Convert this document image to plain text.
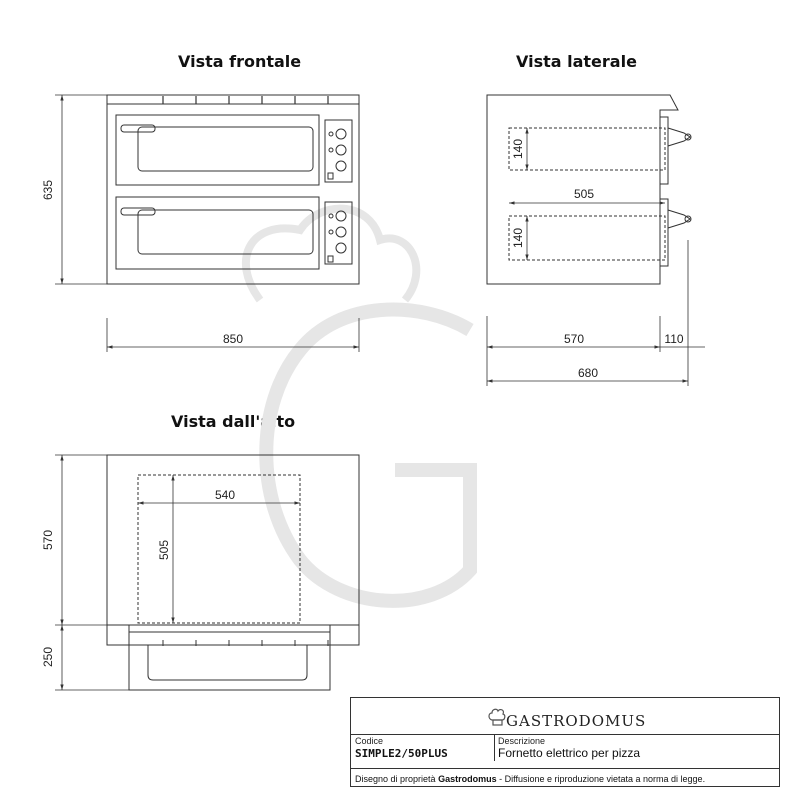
Vista frontale	Vista laterale
Vista dall'alto
635
850
140
140
505
570	110
680
570
250
540
505
GASTRODOMUS
Codice
SIMPLE2/50PLUS
Descrizione
Fornetto elettrico per pizza
Disegno di proprietà Gastrodomus - Diffusione e riproduzione vietata a norma di legge.
